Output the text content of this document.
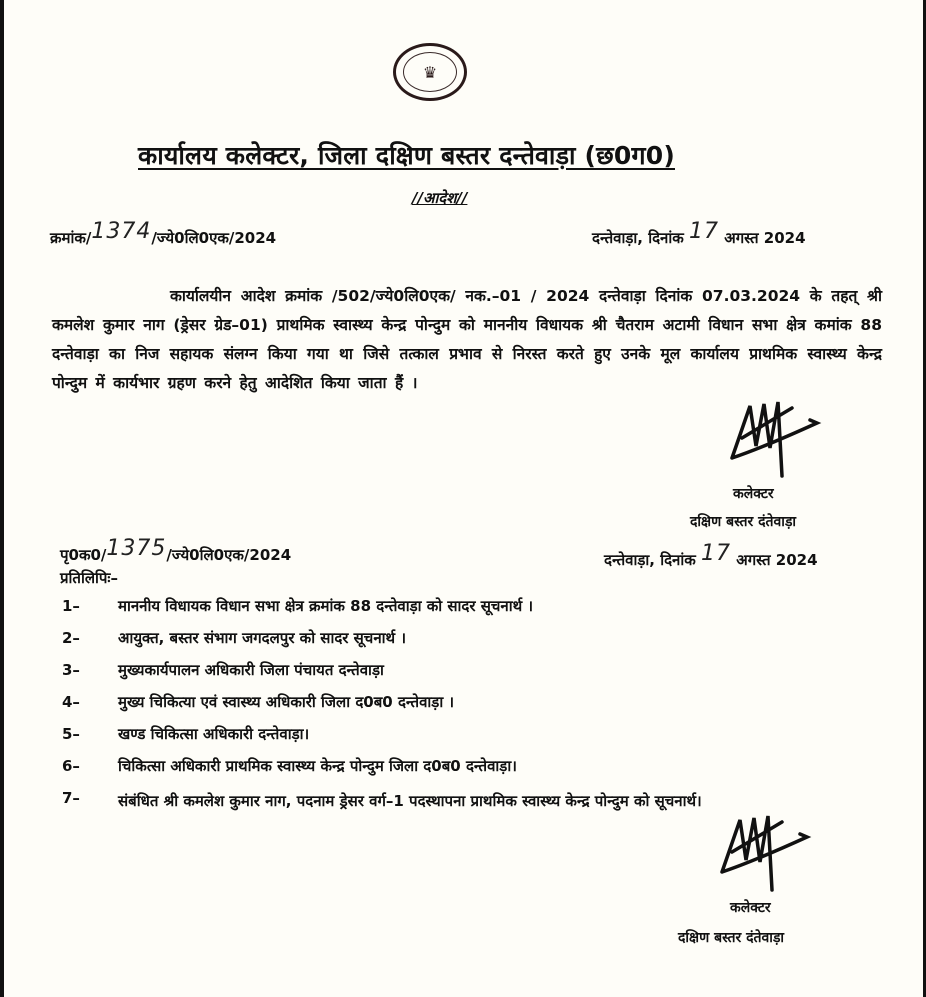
♛
कार्यालय कलेक्टर, जिला दक्षिण बस्तर दन्तेवाड़ा (छ0ग0)
//आदेश//
क्रमांक/1374/ज्ये0लि0एक/2024	दन्तेवाड़ा, दिनांक 17 अगस्त 2024
कार्यालयीन आदेश क्रमांक /502/ज्ये0लि0एक/ नक.–01 / 2024 दन्तेवाड़ा दिनांक 07.03.2024 के तहत् श्री कमलेश कुमार नाग (ड्रेसर ग्रेड–01) प्राथमिक स्वास्थ्य केन्द्र पोन्दुम को माननीय विधायक श्री चैतराम अटामी विधान सभा क्षेत्र कमांक 88 दन्तेवाड़ा का निज सहायक संलग्न किया गया था जिसे तत्काल प्रभाव से निरस्त करते हुए उनके मूल कार्यालय प्राथमिक स्वास्थ्य केन्द्र पोन्दुम में कार्यभार ग्रहण करने हेतु आदेशित किया जाता हैं ।
कलेक्टर
दक्षिण बस्तर दंतेवाड़ा
पृ0क0/1375/ज्ये0लि0एक/2024	दन्तेवाड़ा, दिनांक 17 अगस्त 2024
प्रतिलिपिः–
1–	माननीय विधायक विधान सभा क्षेत्र क्रमांक 88 दन्तेवाड़ा को सादर सूचनार्थ ।
2–	आयुक्त, बस्तर संभाग जगदलपुर को सादर सूचनार्थ ।
3–	मुख्यकार्यपालन अधिकारी जिला पंचायत दन्तेवाड़ा
4–	मुख्य चिकित्या एवं स्वास्थ्य अधिकारी जिला द0ब0 दन्तेवाड़ा ।
5–	खण्ड चिकित्सा अधिकारी दन्तेवाड़ा।
6–	चिकित्सा अधिकारी प्राथमिक स्वास्थ्य केन्द्र पोन्दुम जिला द0ब0 दन्तेवाड़ा।
7–	संबंधित श्री कमलेश कुमार नाग, पदनाम ड्रेसर वर्ग–1 पदस्थापना प्राथमिक स्वास्थ्य केन्द्र पोन्दुम को सूचनार्थ।
कलेक्टर
दक्षिण बस्तर दंतेवाड़ा
